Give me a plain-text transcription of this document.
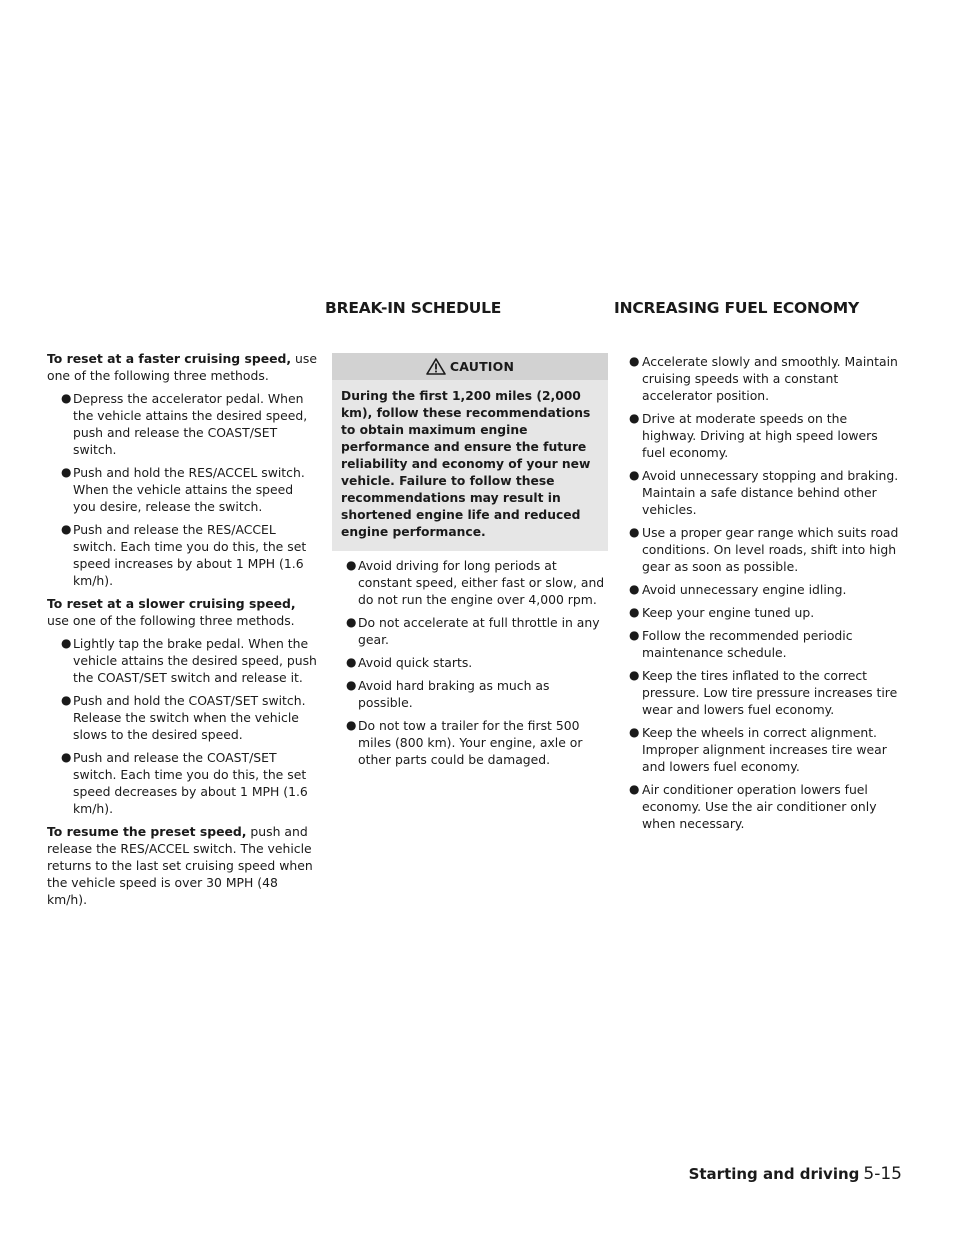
BREAK-IN SCHEDULE	INCREASING FUEL ECONOMY

To reset at a faster cruising speed, use one of the following three methods.

● Depress the accelerator pedal. When the vehicle attains the desired speed, push and release the COAST/SET switch.
● Push and hold the RES/ACCEL switch. When the vehicle attains the speed you desire, release the switch.
● Push and release the RES/ACCEL switch. Each time you do this, the set speed increases by about 1 MPH (1.6 km/h).

To reset at a slower cruising speed, use one of the following three methods.

● Lightly tap the brake pedal. When the vehicle attains the desired speed, push the COAST/SET switch and release it.
● Push and hold the COAST/SET switch. Release the switch when the vehicle slows to the desired speed.
● Push and release the COAST/SET switch. Each time you do this, the set speed decreases by about 1 MPH (1.6 km/h).

To resume the preset speed, push and release the RES/ACCEL switch. The vehicle returns to the last set cruising speed when the vehicle speed is over 30 MPH (48 km/h).

CAUTION
During the first 1,200 miles (2,000 km), follow these recommendations to obtain maximum engine performance and ensure the future reliability and economy of your new vehicle. Failure to follow these recommendations may result in shortened engine life and reduced engine performance.
● Avoid driving for long periods at constant speed, either fast or slow, and do not run the engine over 4,000 rpm.
● Do not accelerate at full throttle in any gear.
● Avoid quick starts.
● Avoid hard braking as much as possible.
● Do not tow a trailer for the first 500 miles (800 km). Your engine, axle or other parts could be damaged.
● Accelerate slowly and smoothly. Maintain cruising speeds with a constant accelerator position.
● Drive at moderate speeds on the highway. Driving at high speed lowers fuel economy.
● Avoid unnecessary stopping and braking. Maintain a safe distance behind other vehicles.
● Use a proper gear range which suits road conditions. On level roads, shift into high gear as soon as possible.
● Avoid unnecessary engine idling.
● Keep your engine tuned up.
● Follow the recommended periodic maintenance schedule.
● Keep the tires inflated to the correct pressure. Low tire pressure increases tire wear and lowers fuel economy.
● Keep the wheels in correct alignment. Improper alignment increases tire wear and lowers fuel economy.
● Air conditioner operation lowers fuel economy. Use the air conditioner only when necessary.
Starting and driving 5-15
